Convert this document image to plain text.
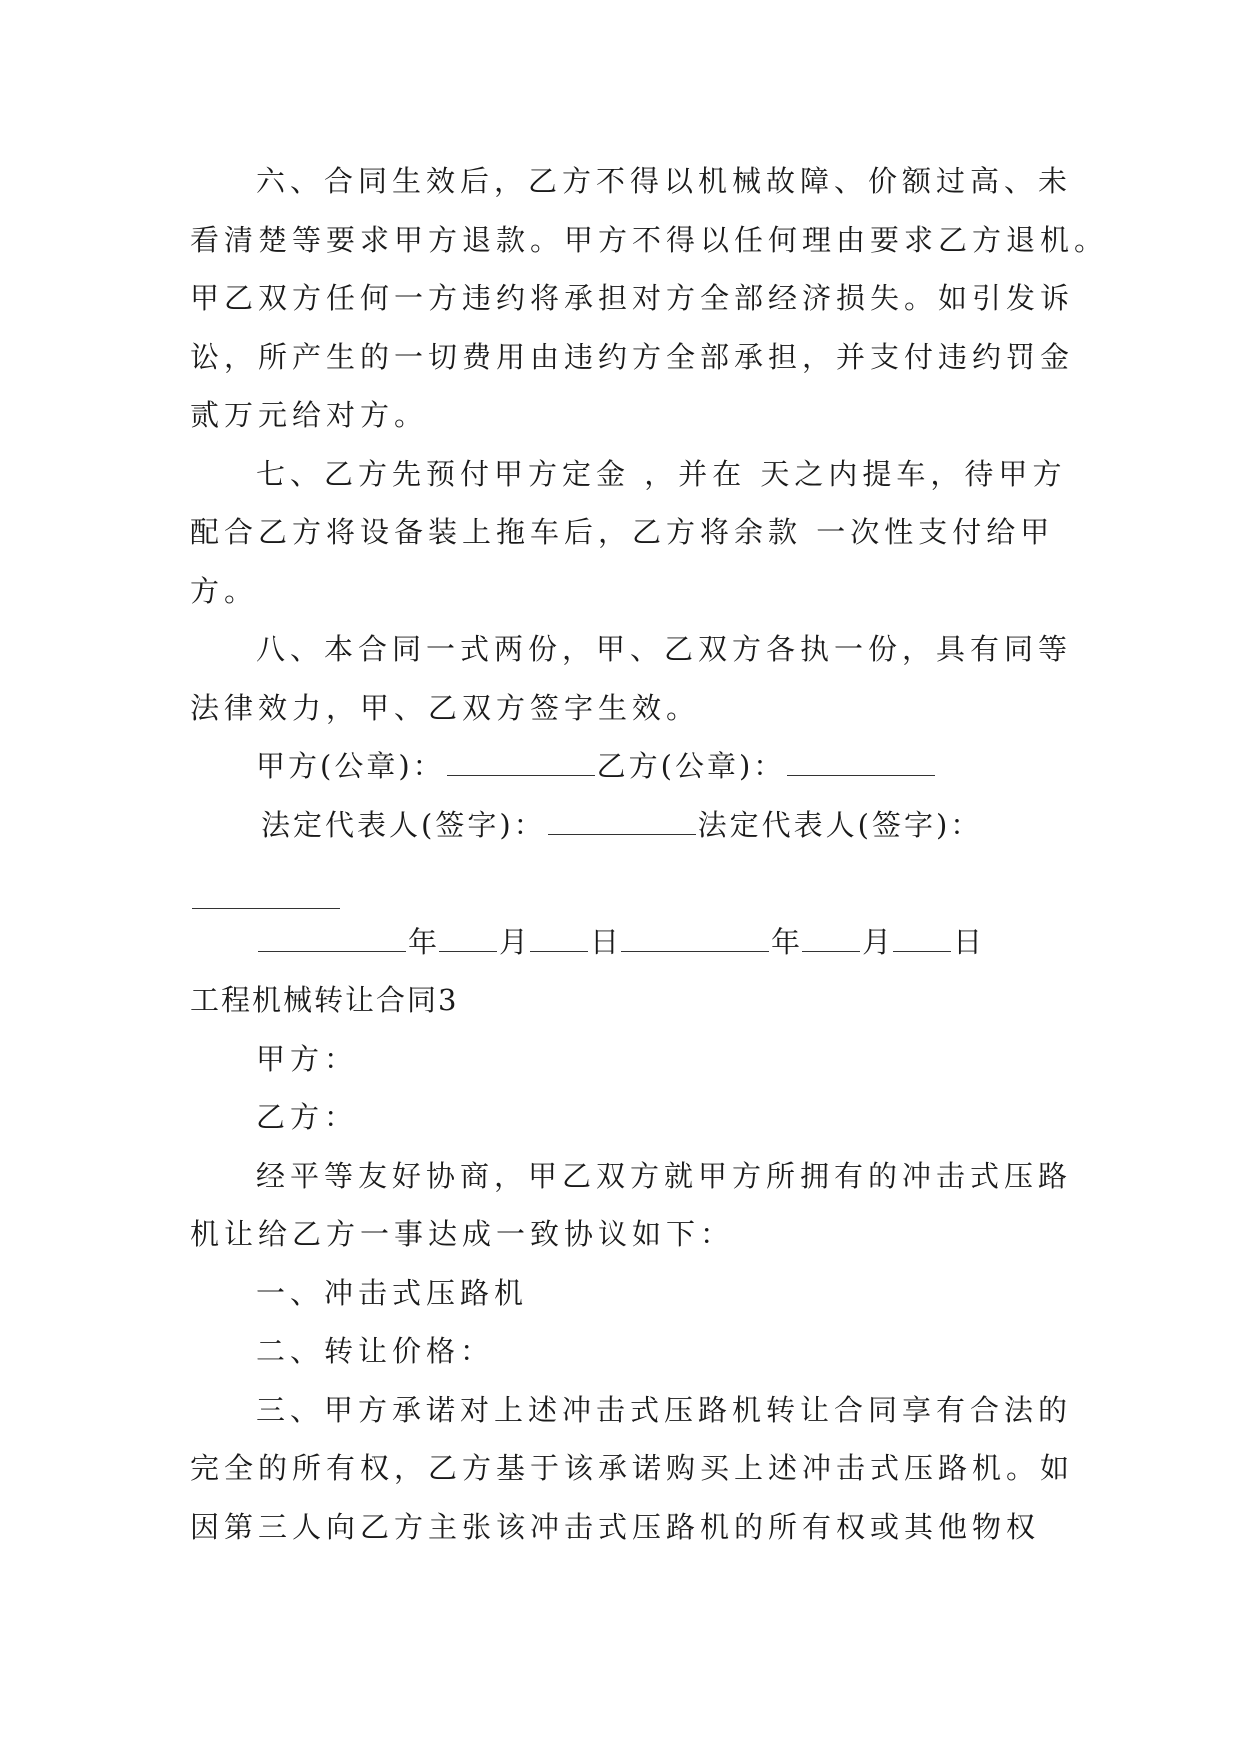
六、合同生效后，乙方不得以机械故障、价额过高、未
看清楚等要求甲方退款。甲方不得以任何理由要求乙方退机。
甲乙双方任何一方违约将承担对方全部经济损失。如引发诉
讼，所产生的一切费用由违约方全部承担，并支付违约罚金
贰万元给对方。
七、乙方先预付甲方定金 ，并在 天之内提车，待甲方
配合乙方将设备装上拖车后，乙方将余款 一次性支付给甲
方。
八、本合同一式两份，甲、乙双方各执一份，具有同等
法律效力，甲、乙双方签字生效。
甲方(公章)：	乙方(公章)：
法定代表人(签字)：	法定代表人(签字)：
年 月 日	年 月 日
工程机械转让合同3
甲方：
乙方：
经平等友好协商，甲乙双方就甲方所拥有的冲击式压路
机让给乙方一事达成一致协议如下：
一、冲击式压路机
二、转让价格：
三、甲方承诺对上述冲击式压路机转让合同享有合法的
完全的所有权，乙方基于该承诺购买上述冲击式压路机。如
因第三人向乙方主张该冲击式压路机的所有权或其他物权
